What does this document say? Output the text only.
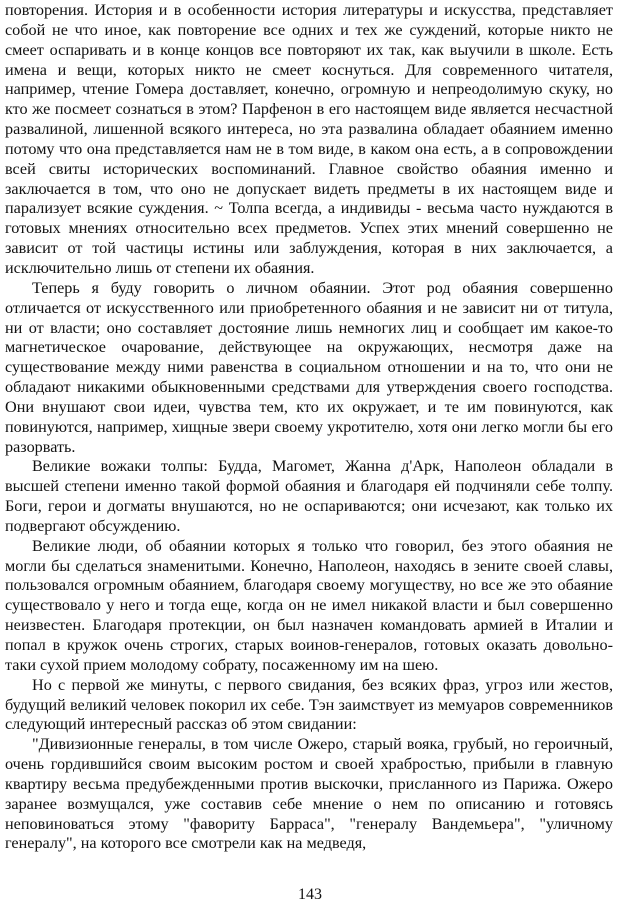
повторения. История и в особенности история литературы и искусства, представляет собой не что иное, как повторение все одних и тех же суждений, которые никто не смеет оспаривать и в конце концов все повторяют их так, как выучили в школе. Есть имена и вещи, которых никто не смеет коснуться. Для современного читателя, например, чтение Гомера доставляет, конечно, огромную и непреодолимую скуку, но кто же посмеет сознаться в этом? Парфенон в его настоящем виде является несчастной развалиной, лишенной всякого интереса, но эта развалина обладает обаянием именно потому что она представляется нам не в том виде, в каком она есть, а в сопровождении всей свиты исторических воспоминаний. Главное свойство обаяния именно и заключается в том, что оно не допускает видеть предметы в их настоящем виде и парализует всякие суждения. ~ Толпа всегда, а индивиды - весьма часто нуждаются в готовых мнениях относительно всех предметов. Успех этих мнений совершенно не зависит от той частицы истины или заблуждения, которая в них заключается, а исключительно лишь от степени их обаяния.

Теперь я буду говорить о личном обаянии. Этот род обаяния совершенно отличается от искусственного или приобретенного обаяния и не зависит ни от титула, ни от власти; оно составляет достояние лишь немногих лиц и сообщает им какое-то магнетическое очарование, действующее на окружающих, несмотря даже на существование между ними равенства в социальном отношении и на то, что они не обладают никакими обыкновенными средствами для утверждения своего господства. Они внушают свои идеи, чувства тем, кто их окружает, и те им повинуются, как повинуются, например, хищные звери своему укротителю, хотя они легко могли бы его разорвать.

Великие вожаки толпы: Будда, Магомет, Жанна д'Арк, Наполеон обладали в высшей степени именно такой формой обаяния и благодаря ей подчиняли себе толпу. Боги, герои и догматы внушаются, но не оспариваются; они исчезают, как только их подвергают обсуждению.

Великие люди, об обаянии которых я только что говорил, без этого обаяния не могли бы сделаться знаменитыми. Конечно, Наполеон, находясь в зените своей славы, пользовался огромным обаянием, благодаря своему могуществу, но все же это обаяние существовало у него и тогда еще, когда он не имел никакой власти и был совершенно неизвестен. Благодаря протекции, он был назначен командовать армией в Италии и попал в кружок очень строгих, старых воинов-генералов, готовых оказать довольно-таки сухой прием молодому собрату, посаженному им на шею.

Но с первой же минуты, с первого свидания, без всяких фраз, угроз или жестов, будущий великий человек покорил их себе. Тэн заимствует из мемуаров современников следующий интересный рассказ об этом свидании:

"Дивизионные генералы, в том числе Ожеро, старый вояка, грубый, но героичный, очень гордившийся своим высоким ростом и своей храбростью, прибыли в главную квартиру весьма предубежденными против выскочки, присланного из Парижа. Ожеро заранее возмущался, уже составив себе мнение о нем по описанию и готовясь неповиноваться этому "фавориту Барраса", "генералу Вандемьера", "уличному генералу", на которого все смотрели как на медведя,

143
